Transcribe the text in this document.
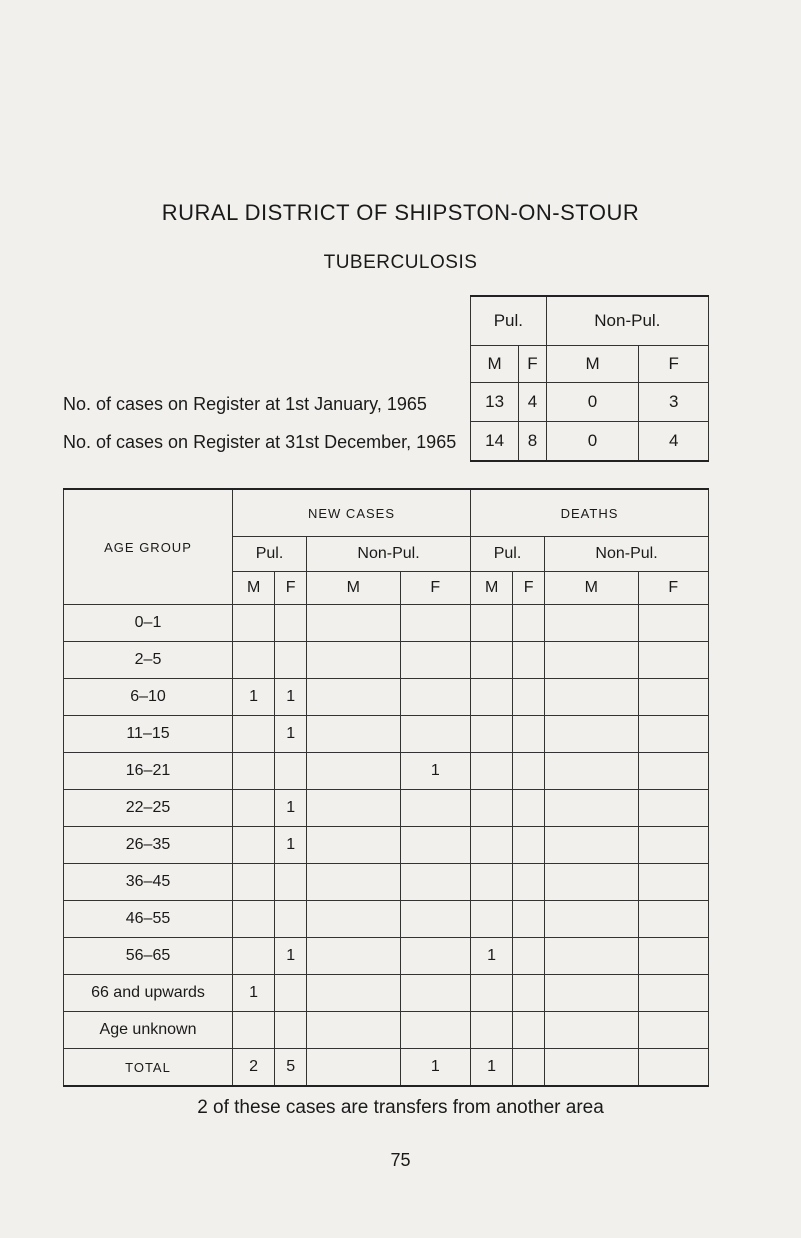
RURAL DISTRICT OF SHIPSTON-ON-STOUR
TUBERCULOSIS
No. of cases on Register at 1st January, 1965
No. of cases on Register at 31st December, 1965
Pul.		Non-Pul.	
M	F	M	F
13	4	0	3
14	8	0	4
AGE GROUP	NEW CASES				DEATHS			
	Pul.		Non-Pul.		Pul.		Non-Pul.	
	M	F	M	F	M	F	M	F
0–1								
2–5								
6–10	1	1						
11–15		1						
16–21				1				
22–25		1						
26–35		1						
36–45								
46–55								
56–65		1			1			
66 and upwards	1							
Age unknown								
TOTAL	2	5		1	1			
2 of these cases are transfers from another area
75
